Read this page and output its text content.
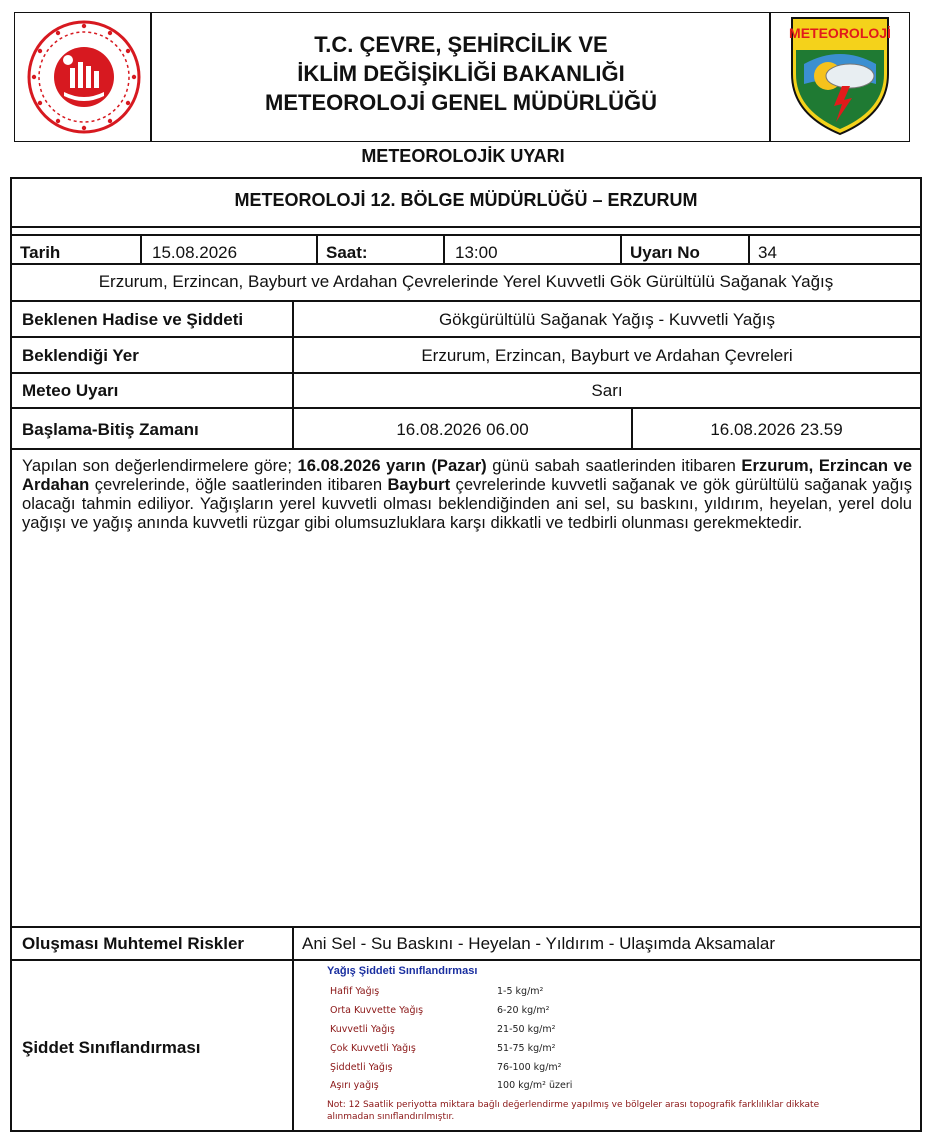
T.C. ÇEVRE, ŞEHİRCİLİK VE
İKLİM DEĞİŞİKLİĞİ BAKANLIĞI
METEOROLOJİ GENEL MÜDÜRLÜĞÜ
METEOROLOJİ
METEOROLOJİK UYARI
METEOROLOJİ 12. BÖLGE MÜDÜRLÜĞÜ – ERZURUM
Tarih	15.08.2026	Saat:	13:00	Uyarı No	34
Erzurum, Erzincan, Bayburt ve Ardahan Çevrelerinde Yerel Kuvvetli Gök Gürültülü Sağanak Yağış
Beklenen Hadise ve Şiddeti	Gökgürültülü Sağanak Yağış - Kuvvetli Yağış
Beklendiği Yer	Erzurum, Erzincan, Bayburt ve Ardahan Çevreleri
Meteo Uyarı	Sarı
Başlama-Bitiş Zamanı	16.08.2026 06.00	16.08.2026 23.59

Yapılan son değerlendirmelere göre; 16.08.2026 yarın (Pazar) günü sabah saatlerinden itibaren Erzurum, Erzincan ve Ardahan çevrelerinde, öğle saatlerinden itibaren Bayburt çevrelerinde kuvvetli sağanak ve gök gürültülü sağanak yağış olacağı tahmin ediliyor. Yağışların yerel kuvvetli olması beklendiğinden ani sel, su baskını, yıldırım, heyelan, yerel dolu yağışı ve yağış anında kuvvetli rüzgar gibi olumsuzluklara karşı dikkatli ve tedbirli olunması gerekmektedir.

Oluşması Muhtemel Riskler	Ani Sel - Su Baskını - Heyelan - Yıldırım - Ulaşımda Aksamalar
Şiddet Sınıflandırması
Yağış Şiddeti Sınıflandırması
Hafif Yağış	1-5 kg/m²
Orta Kuvvette Yağış	6-20 kg/m²
Kuvvetli Yağış	21-50 kg/m²
Çok Kuvvetli Yağış	51-75 kg/m²
Şiddetli Yağış	76-100 kg/m²
Aşırı yağış	100 kg/m² üzeri
Not: 12 Saatlik periyotta miktara bağlı değerlendirme yapılmış ve bölgeler arası topografik farklılıklar dikkate
alınmadan sınıflandırılmıştır.
